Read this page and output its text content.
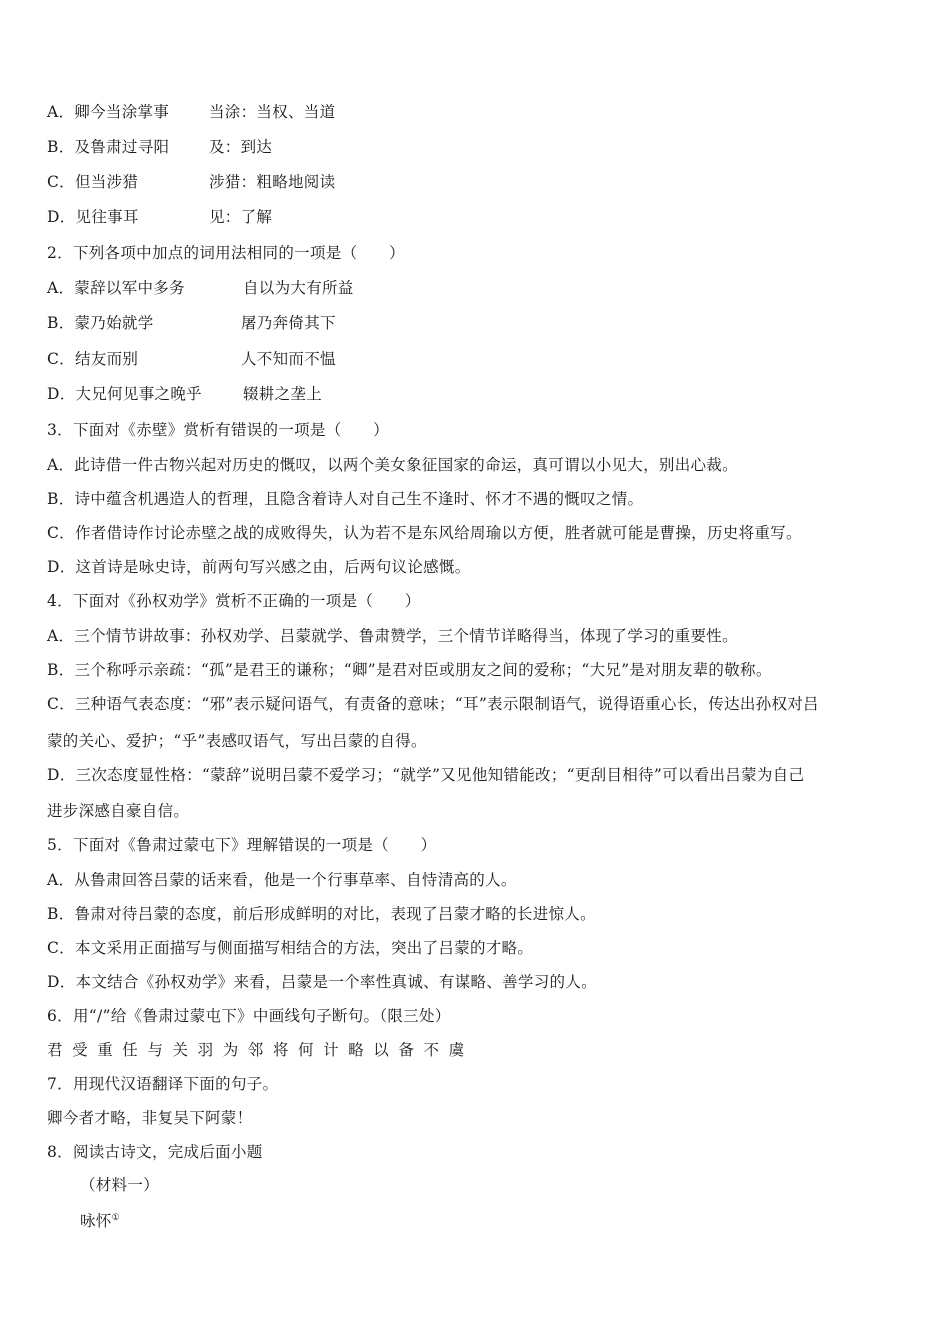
A．卿今当涂掌事	当涂：当权、当道
B．及鲁肃过寻阳	及：到达
C．但当涉猎	涉猎：粗略地阅读
D．见往事耳	见：了解
2．下列各项中加点的词用法相同的一项是（　　）
A．蒙辞以军中多务	自以为大有所益
B．蒙乃始就学	屠乃奔倚其下
C．结友而别	人不知而不愠
D．大兄何见事之晚乎	辍耕之垄上
3．下面对《赤壁》赏析有错误的一项是（　　）
A．此诗借一件古物兴起对历史的慨叹，以两个美女象征国家的命运，真可谓以小见大，别出心裁。
B．诗中蕴含机遇造人的哲理，且隐含着诗人对自己生不逢时、怀才不遇的慨叹之情。
C．作者借诗作讨论赤壁之战的成败得失，认为若不是东风给周瑜以方便，胜者就可能是曹操，历史将重写。
D．这首诗是咏史诗，前两句写兴感之由，后两句议论感慨。
4．下面对《孙权劝学》赏析不正确的一项是（　　）
A．三个情节讲故事：孙权劝学、吕蒙就学、鲁肃赞学，三个情节详略得当，体现了学习的重要性。
B．三个称呼示亲疏：“孤”是君王的谦称；“卿”是君对臣或朋友之间的爱称；“大兄”是对朋友辈的敬称。
C．三种语气表态度：“邪”表示疑问语气，有责备的意味；“耳”表示限制语气，说得语重心长，传达出孙权对吕
蒙的关心、爱护；“乎”表感叹语气，写出吕蒙的自得。
D．三次态度显性格：“蒙辞”说明吕蒙不爱学习；“就学”又见他知错能改；“更刮目相待”可以看出吕蒙为自己
进步深感自豪自信。
5．下面对《鲁肃过蒙屯下》理解错误的一项是（　　）
A．从鲁肃回答吕蒙的话来看，他是一个行事草率、自恃清高的人。
B．鲁肃对待吕蒙的态度，前后形成鲜明的对比，表现了吕蒙才略的长进惊人。
C．本文采用正面描写与侧面描写相结合的方法，突出了吕蒙的才略。
D．本文结合《孙权劝学》来看，吕蒙是一个率性真诚、有谋略、善学习的人。
6．用“/”给《鲁肃过蒙屯下》中画线句子断句。（限三处）
君受重任与关羽为邻将何计略以备不虞
7．用现代汉语翻译下面的句子。
卿今者才略，非复吴下阿蒙！
8．阅读古诗文，完成后面小题
（材料一）
咏怀①
